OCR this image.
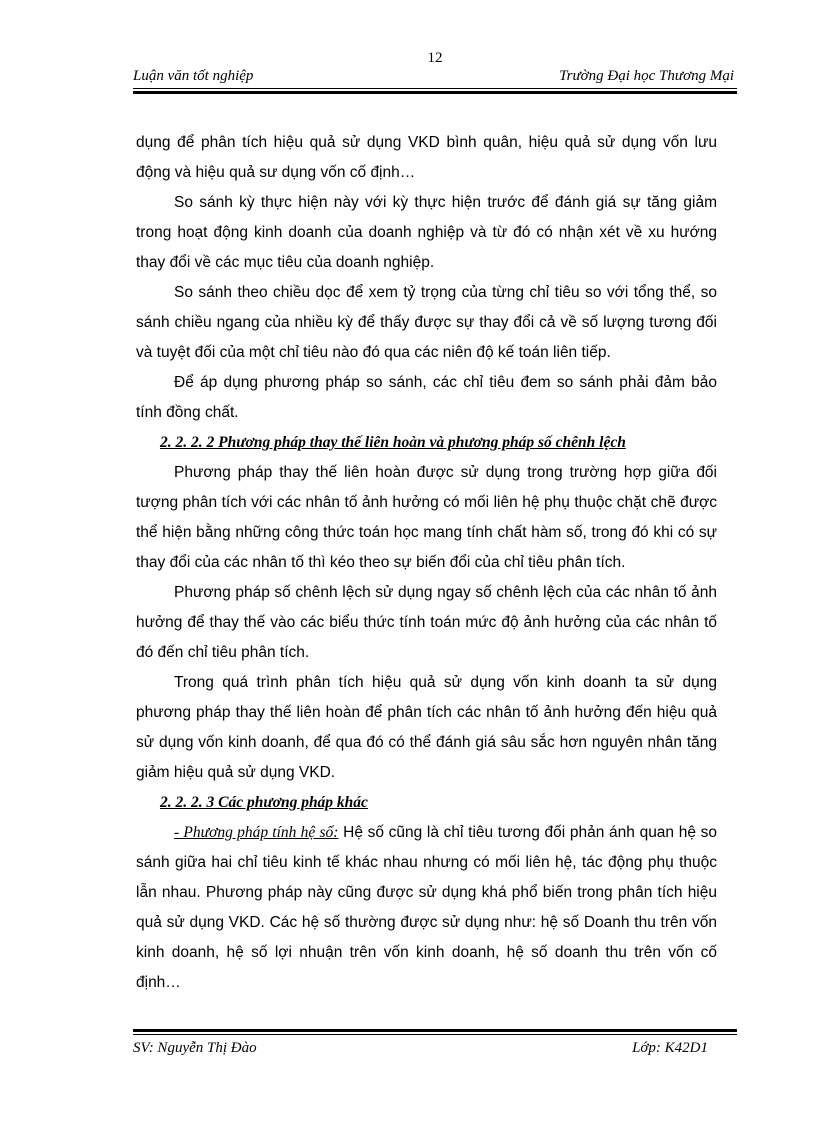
12
Luận văn tốt nghiệp	Trường Đại học Thương Mại

dụng để phân tích hiệu quả sử dụng VKD bình quân, hiệu quả sử dụng vốn lưu động và hiệu quả sư dụng vốn cố định…

So sánh kỳ thực hiện này với kỳ thực hiện trước để đánh giá sự tăng giảm trong hoạt động kinh doanh của doanh nghiệp và từ đó có nhận xét về xu hướng thay đổi về các mục tiêu của doanh nghiệp.

So sánh theo chiều dọc để xem tỷ trọng của từng chỉ tiêu so với tổng thể, so sánh chiều ngang của nhiều kỳ để thấy được sự thay đổi cả về số lượng tương đối và tuyệt đối của một chỉ tiêu nào đó qua các niên độ kế toán liên tiếp.

Để áp dụng phương pháp so sánh, các chỉ tiêu đem so sánh phải đảm bảo tính đồng chất.

2. 2. 2. 2 Phương pháp thay thế liên hoàn và phương pháp số chênh lệch

Phương pháp thay thế liên hoàn được sử dụng trong trường hợp giữa đối tượng phân tích với các nhân tố ảnh hưởng có mối liên hệ phụ thuộc chặt chẽ được thể hiện bằng những công thức toán học mang tính chất hàm số, trong đó khi có sự thay đổi của các nhân tố thì kéo theo sự biến đổi của chỉ tiêu phân tích.

Phương pháp số chênh lệch sử dụng ngay số chênh lệch của các nhân tố ảnh hưởng để thay thế vào các biểu thức tính toán mức độ ảnh hưởng của các nhân tố đó đến chỉ tiêu phân tích.

Trong quá trình phân tích hiệu quả sử dụng vốn kinh doanh ta sử dụng phương pháp thay thế liên hoàn để phân tích các nhân tố ảnh hưởng đến hiệu quả sử dụng vốn kinh doanh, để qua đó có thể đánh giá sâu sắc hơn nguyên nhân tăng giảm hiệu quả sử dụng VKD.

2. 2. 2. 3 Các phương pháp khác

- Phương pháp tính hệ số: Hệ số cũng là chỉ tiêu tương đối phản ánh quan hệ so sánh giữa hai chỉ tiêu kinh tế khác nhau nhưng có mối liên hệ, tác động phụ thuộc lẫn nhau. Phương pháp này cũng được sử dụng khá phổ biến trong phân tích hiệu quả sử dụng VKD. Các hệ số thường được sử dụng như: hệ số Doanh thu trên vốn kinh doanh, hệ số lợi nhuận trên vốn kinh doanh, hệ số doanh thu trên vốn cố định…

SV: Nguyễn Thị Đào	Lớp: K42D1
